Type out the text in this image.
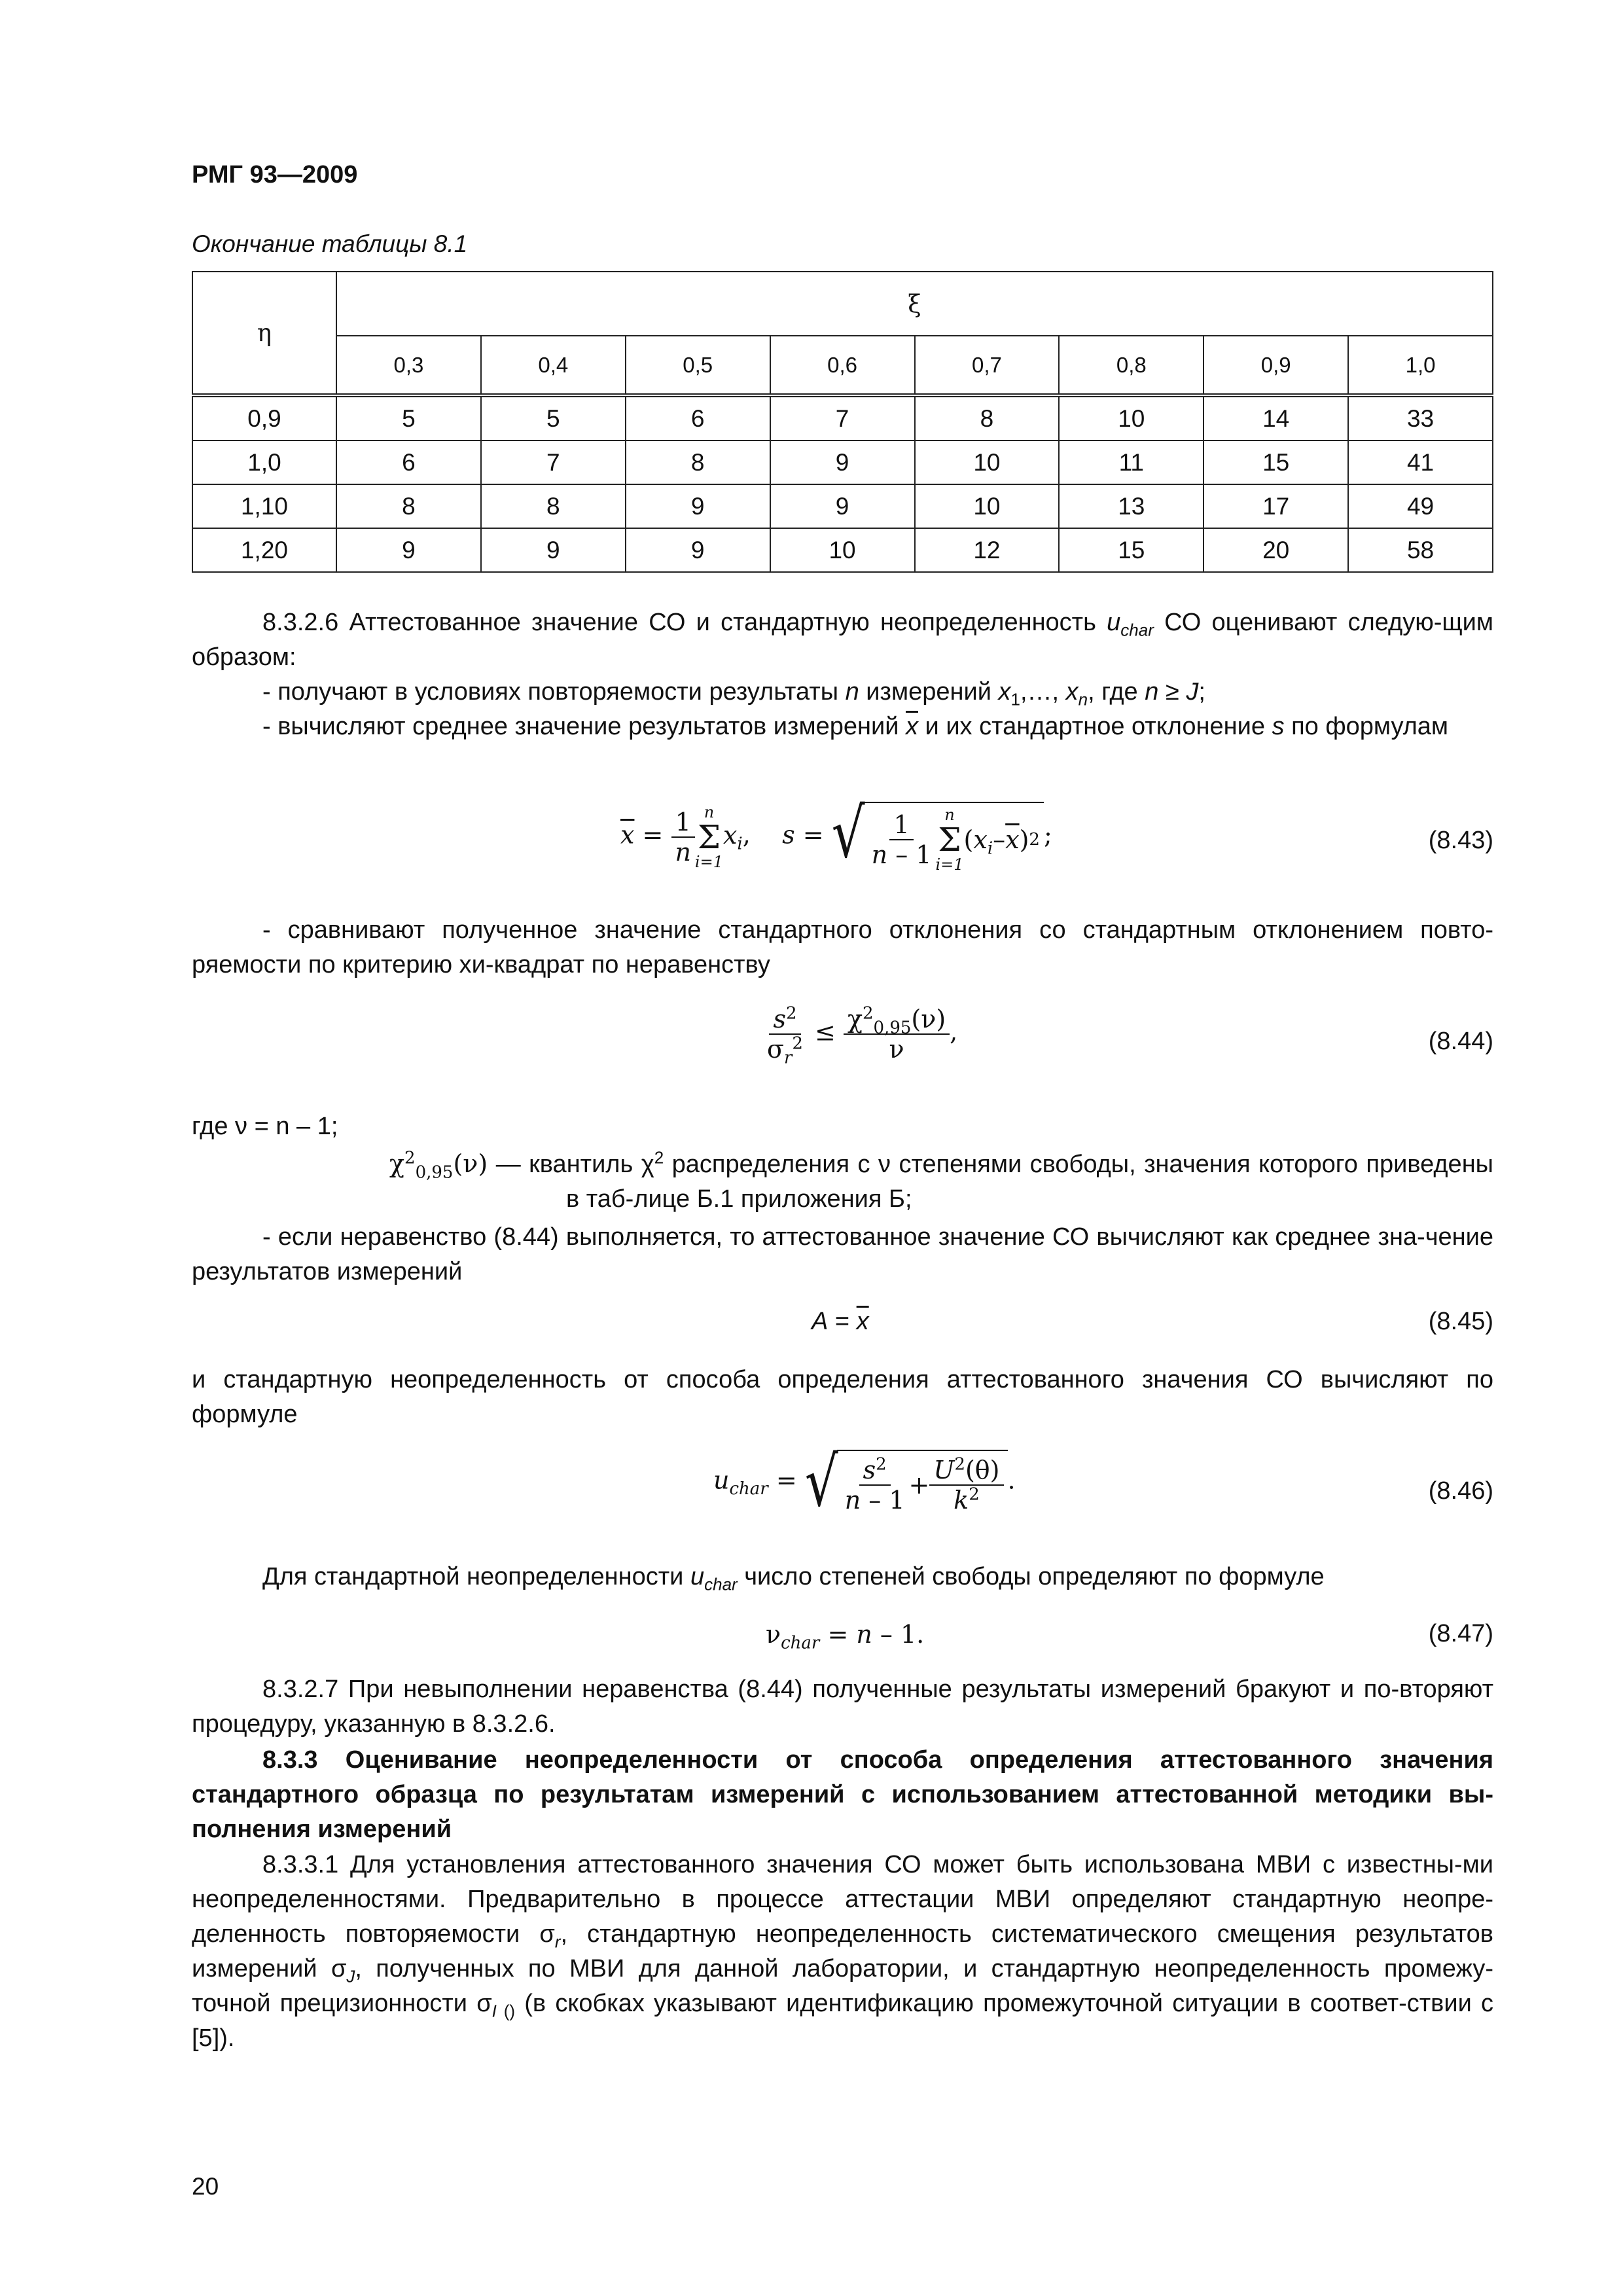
РМГ 93—2009
Окончание таблицы 8.1
η	ξ							
	0,3	0,4	0,5	0,6	0,7	0,8	0,9	1,0
0,9	5	5	6	7	8	10	14	33
1,0	6	7	8	9	10	11	15	41
1,10	8	8	9	9	10	13	17	49
1,20	9	9	9	10	12	15	20	58
8.3.2.6 Аттестованное значение СО и стандартную неопределенность $u_{char}$ СО оценивают следую-щим образом:
- получают в условиях повторяемости результаты n измерений $x_1,\dots$, $x_n$, где n ≥ J;
- вычисляют среднее значение результатов измерений $\overline{x}$ и их стандартное отклонение s по формулам
$\overline{x} = \frac{1}{n}$ n
Σ
i=1
$x_i$,    s = √ $\frac{1}{n - 1}$ n
Σ
i=1
( $x_i - \overline{x}$ ) 2 ;	(8.43)
- сравнивают полученное значение стандартного отклонения со стандартным отклонением повто-ряемости по критерию хи-квадрат по неравенству
$\frac{s^2}{\sigma_r^2} \le \frac{\chi^2_{0,95}(\nu)}{\nu}$ ,	(8.44)
где ν = n – 1;
$\chi^2_{0,95}(\nu)$ — квантиль $\chi^2$ распределения с ν степенями свободы, значения которого приведены в таб-лице Б.1 приложения Б;
- если неравенство (8.44) выполняется, то аттестованное значение СО вычисляют как среднее зна-чение результатов измерений
$A = \overline{x}$	(8.45)
и стандартную неопределенность от способа определения аттестованного значения СО вычисляют по формуле
$u_{char}$ = √ $\frac{s^2}{n - 1} + \frac{U^2(\theta)}{k^2}$ .	(8.46)
Для стандартной неопределенности $u_{char}$ число степеней свободы определяют по формуле
$\nu_{char} = n - 1$.	(8.47)
8.3.2.7 При невыполнении неравенства (8.44) полученные результаты измерений бракуют и по-вторяют процедуру, указанную в 8.3.2.6.
8.3.3 Оценивание неопределенности от способа определения аттестованного значения стандартного образца по результатам измерений с использованием аттестованной методики вы-полнения измерений
8.3.3.1 Для установления аттестованного значения СО может быть использована МВИ с известны-ми неопределенностями. Предварительно в процессе аттестации МВИ определяют стандартную неопре-деленность повторяемости $\sigma_r$, стандартную неопределенность систематического смещения результатов измерений $\sigma_J$, полученных по МВИ для данной лаборатории, и стандартную неопределенность промежу-точной прецизионности $\sigma_{I ()}$ (в скобках указывают идентификацию промежуточной ситуации в соответ-ствии с [5]).
20
